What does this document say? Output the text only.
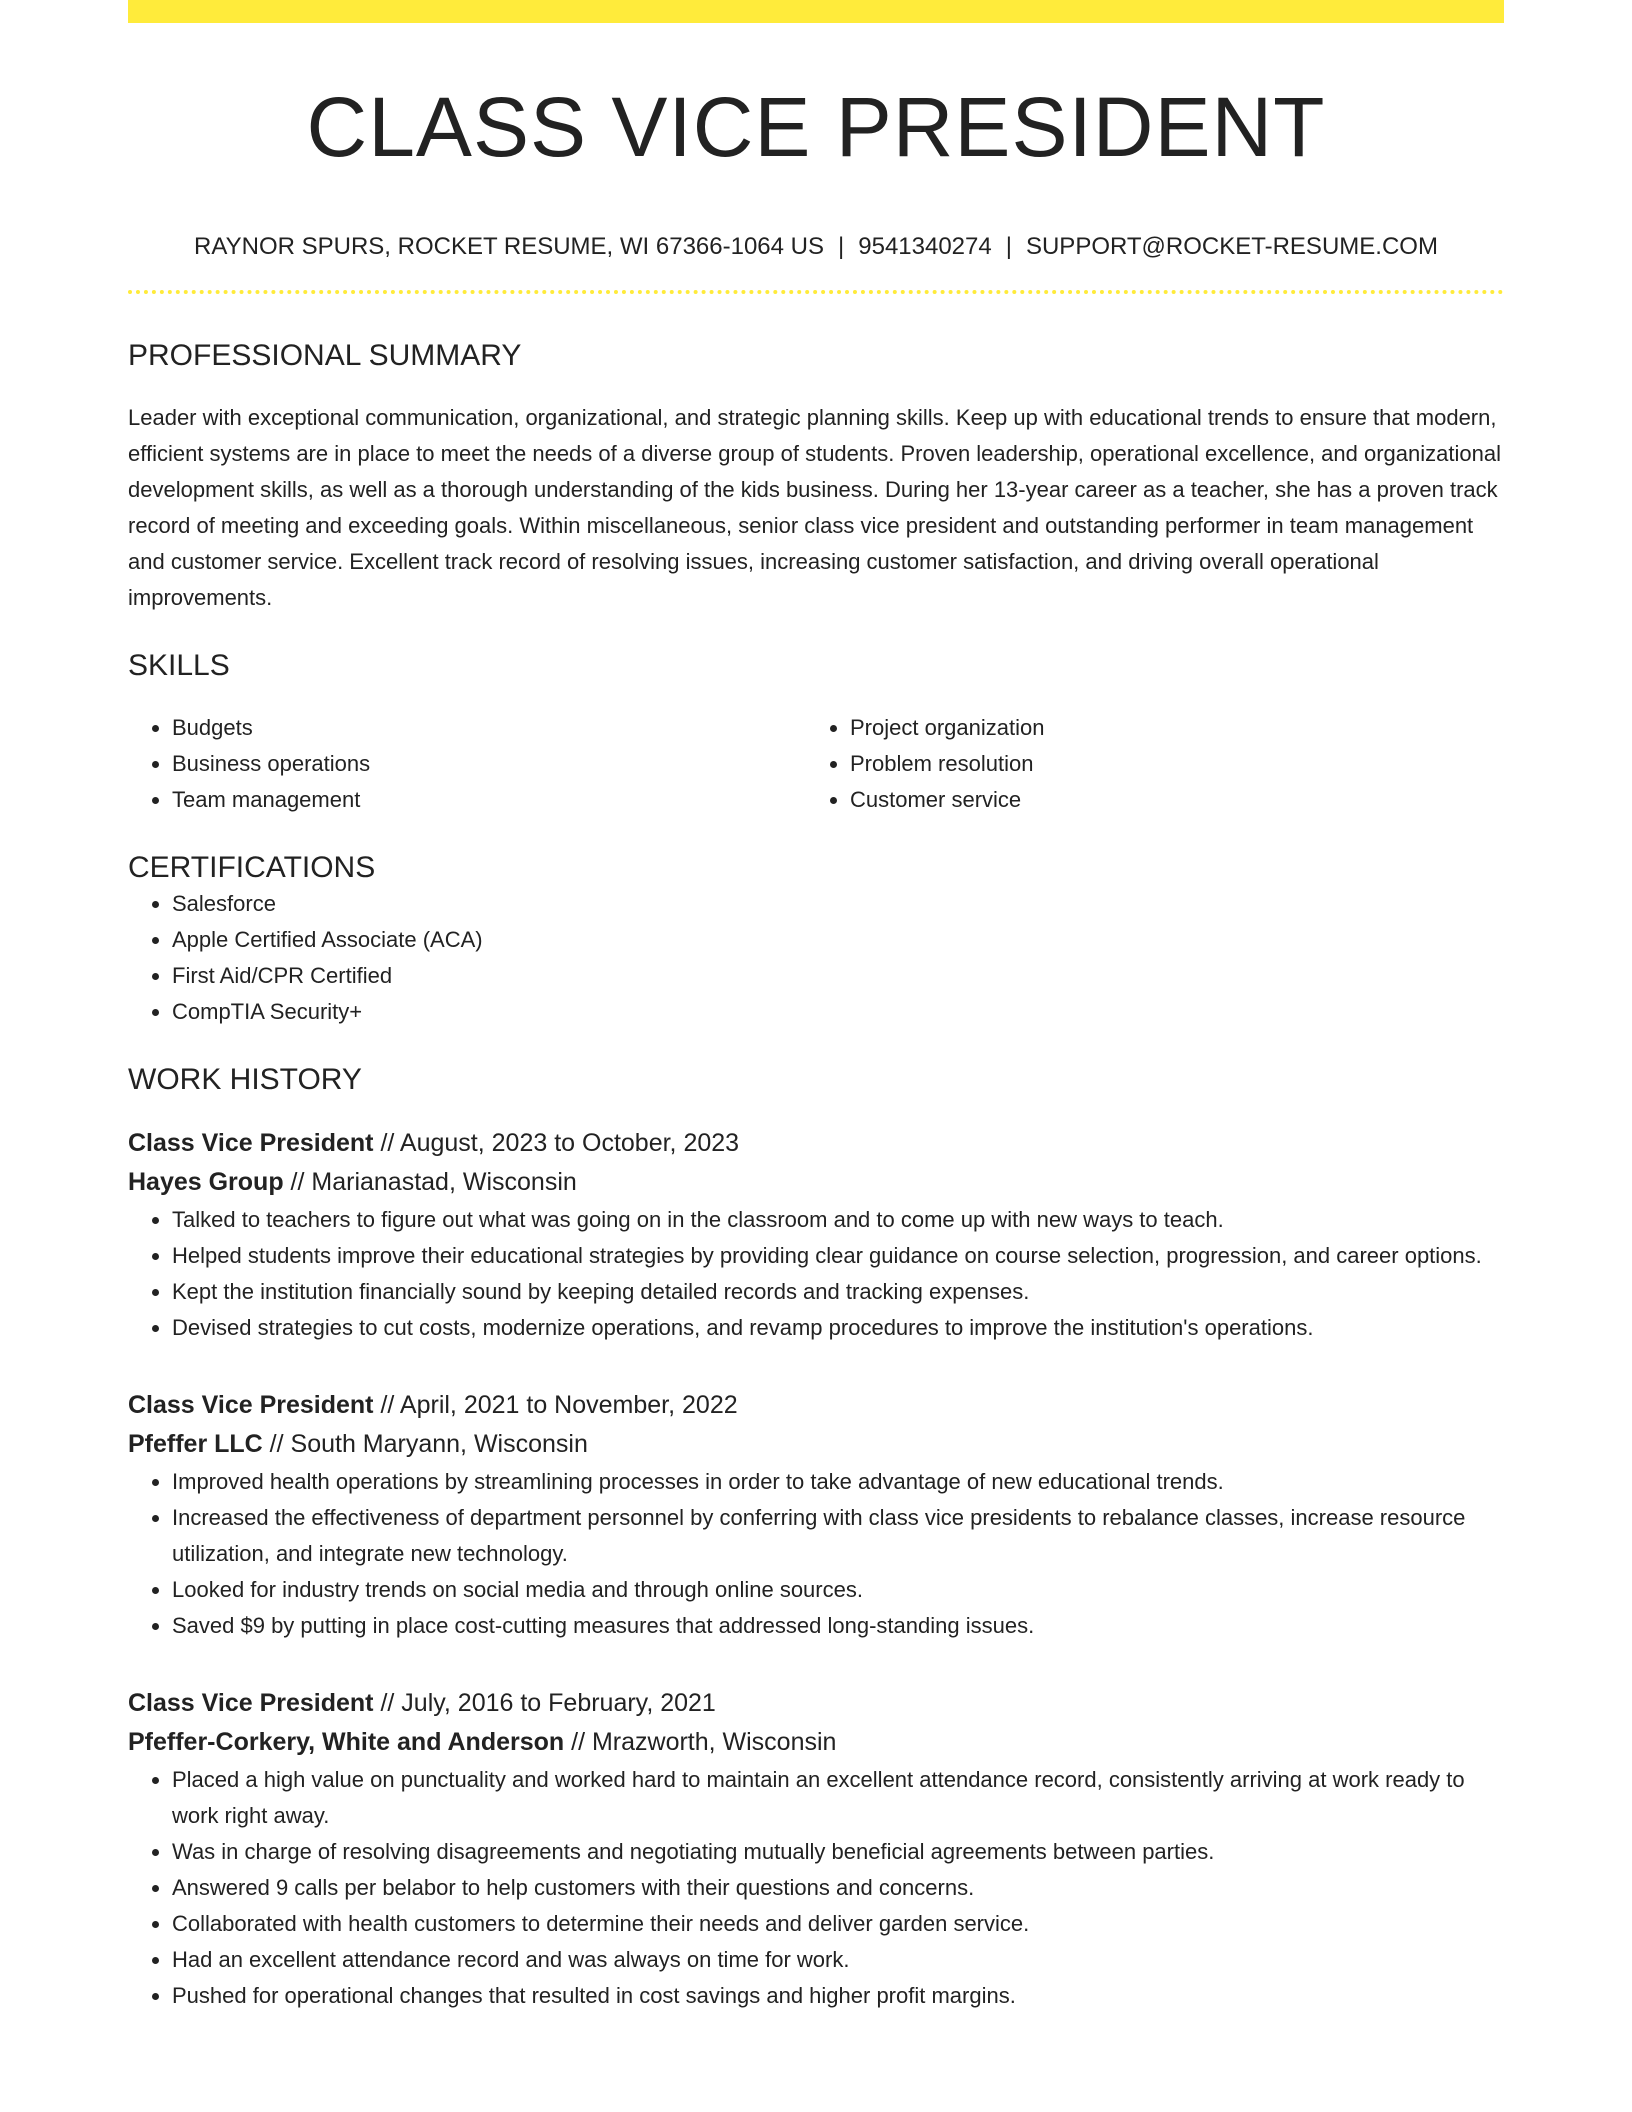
CLASS VICE PRESIDENT
RAYNOR SPURS, ROCKET RESUME, WI 67366-1064 US | 9541340274 | SUPPORT@ROCKET-RESUME.COM
PROFESSIONAL SUMMARY
Leader with exceptional communication, organizational, and strategic planning skills. Keep up with educational trends to ensure that modern, efficient systems are in place to meet the needs of a diverse group of students. Proven leadership, operational excellence, and organizational development skills, as well as a thorough understanding of the kids business. During her 13-year career as a teacher, she has a proven track record of meeting and exceeding goals. Within miscellaneous, senior class vice president and outstanding performer in team management and customer service. Excellent track record of resolving issues, increasing customer satisfaction, and driving overall operational improvements.
SKILLS
• Budgets
• Business operations
• Team management
• Project organization
• Problem resolution
• Customer service
CERTIFICATIONS
• Salesforce
• Apple Certified Associate (ACA)
• First Aid/CPR Certified
• CompTIA Security+
WORK HISTORY
Class Vice President // August, 2023 to October, 2023
Hayes Group // Marianastad, Wisconsin
• Talked to teachers to figure out what was going on in the classroom and to come up with new ways to teach.
• Helped students improve their educational strategies by providing clear guidance on course selection, progression, and career options.
• Kept the institution financially sound by keeping detailed records and tracking expenses.
• Devised strategies to cut costs, modernize operations, and revamp procedures to improve the institution's operations.
Class Vice President // April, 2021 to November, 2022
Pfeffer LLC // South Maryann, Wisconsin
• Improved health operations by streamlining processes in order to take advantage of new educational trends.
• Increased the effectiveness of department personnel by conferring with class vice presidents to rebalance classes, increase resource utilization, and integrate new technology.
• Looked for industry trends on social media and through online sources.
• Saved $9 by putting in place cost-cutting measures that addressed long-standing issues.
Class Vice President // July, 2016 to February, 2021
Pfeffer-Corkery, White and Anderson // Mrazworth, Wisconsin
• Placed a high value on punctuality and worked hard to maintain an excellent attendance record, consistently arriving at work ready to work right away.
• Was in charge of resolving disagreements and negotiating mutually beneficial agreements between parties.
• Answered 9 calls per belabor to help customers with their questions and concerns.
• Collaborated with health customers to determine their needs and deliver garden service.
• Had an excellent attendance record and was always on time for work.
• Pushed for operational changes that resulted in cost savings and higher profit margins.
